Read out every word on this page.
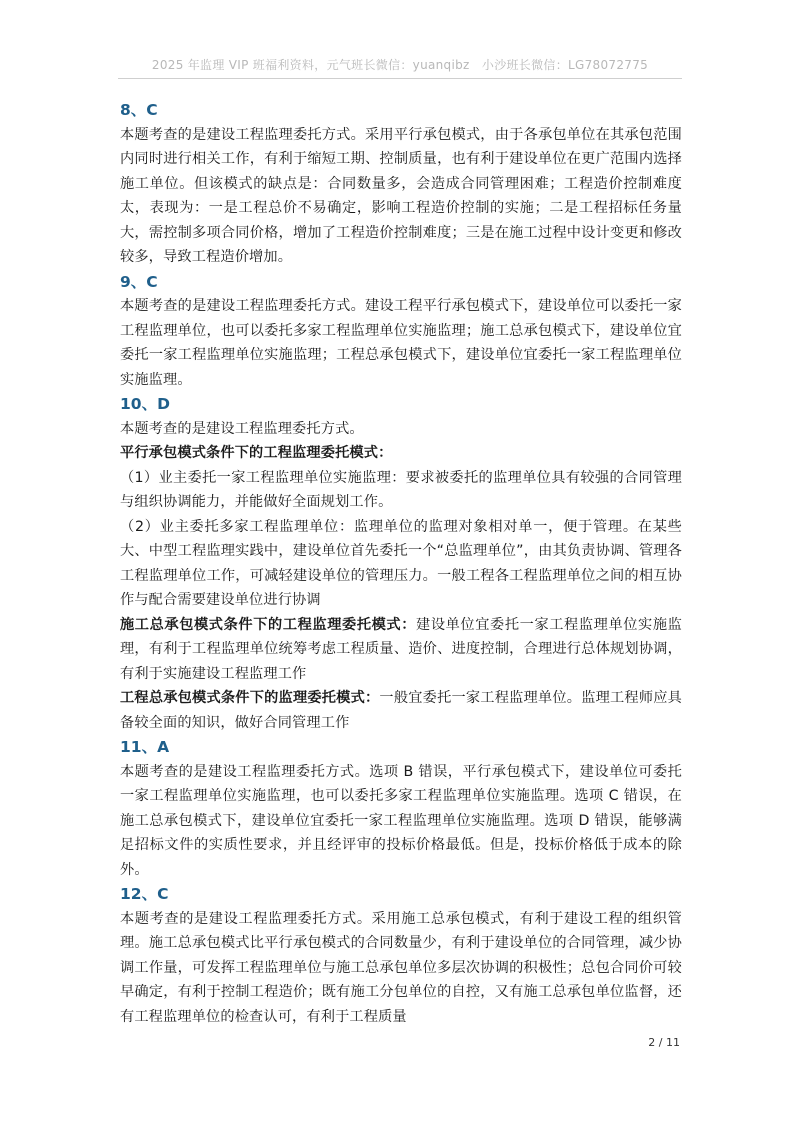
2025 年监理 VIP 班福利资料，元气班长微信：yuanqibz　小沙班长微信：LG78072775

8、C

本题考查的是建设工程监理委托方式。采用平行承包模式，由于各承包单位在其承包范围内同时进行相关工作，有利于缩短工期、控制质量，也有利于建设单位在更广范围内选择施工单位。但该模式的缺点是：合同数量多，会造成合同管理困难；工程造价控制难度太，表现为：一是工程总价不易确定，影响工程造价控制的实施；二是工程招标任务量大，需控制多项合同价格，增加了工程造价控制难度；三是在施工过程中设计变更和修改较多，导致工程造价增加。

9、C

本题考查的是建设工程监理委托方式。建设工程平行承包模式下，建设单位可以委托一家工程监理单位，也可以委托多家工程监理单位实施监理；施工总承包模式下，建设单位宜委托一家工程监理单位实施监理；工程总承包模式下，建设单位宜委托一家工程监理单位实施监理。

10、D

本题考查的是建设工程监理委托方式。

平行承包模式条件下的工程监理委托模式：

（1）业主委托一家工程监理单位实施监理：要求被委托的监理单位具有较强的合同管理与组织协调能力，并能做好全面规划工作。

（2）业主委托多家工程监理单位：监理单位的监理对象相对单一，便于管理。在某些大、中型工程监理实践中，建设单位首先委托一个“总监理单位”，由其负责协调、管理各工程监理单位工作，可减轻建设单位的管理压力。一般工程各工程监理单位之间的相互协作与配合需要建设单位进行协调

施工总承包模式条件下的工程监理委托模式：建设单位宜委托一家工程监理单位实施监理，有利于工程监理单位统筹考虑工程质量、造价、进度控制，合理进行总体规划协调，有利于实施建设工程监理工作

工程总承包模式条件下的监理委托模式：一般宜委托一家工程监理单位。监理工程师应具备较全面的知识，做好合同管理工作

11、A

本题考查的是建设工程监理委托方式。选项 B 错误，平行承包模式下，建设单位可委托一家工程监理单位实施监理，也可以委托多家工程监理单位实施监理。选项 C 错误，在施工总承包模式下，建设单位宜委托一家工程监理单位实施监理。选项 D 错误，能够满足招标文件的实质性要求，并且经评审的投标价格最低。但是，投标价格低于成本的除外。

12、C

本题考查的是建设工程监理委托方式。采用施工总承包模式，有利于建设工程的组织管理。施工总承包模式比平行承包模式的合同数量少，有利于建设单位的合同管理，减少协调工作量，可发挥工程监理单位与施工总承包单位多层次协调的积极性；总包合同价可较早确定，有利于控制工程造价；既有施工分包单位的自控，又有施工总承包单位监督，还有工程监理单位的检查认可，有利于工程质量

2 / 11
